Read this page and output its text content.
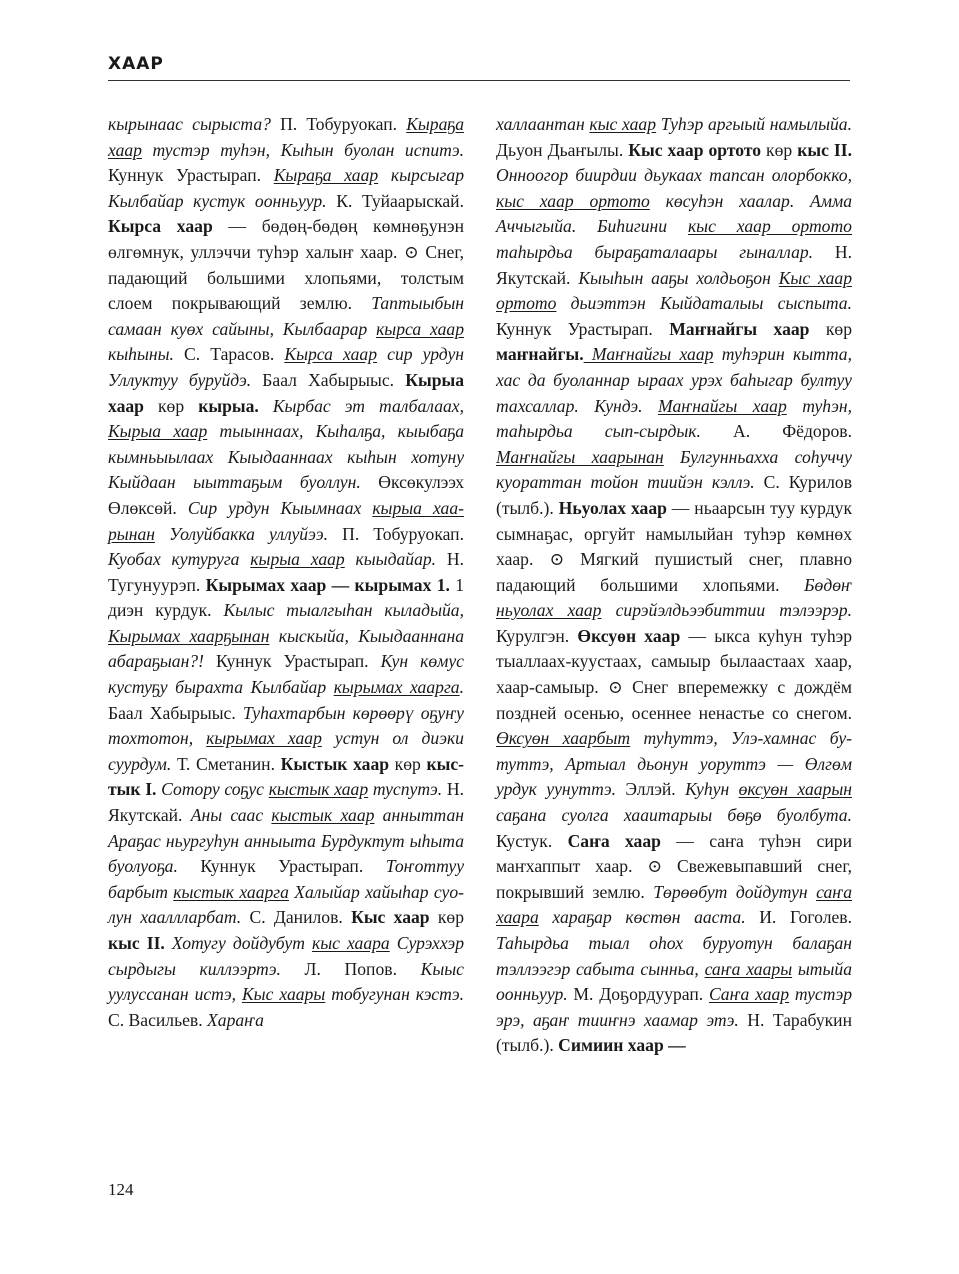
ХААР
кырынаас сырыста? П. Тобуруокап. Кыраҕа хаар тустэр туһэн, Кыһын буолан испитэ. Куннук Урастырап. Кыраҕа хаар кырсыгар Кылбайар кустук оонньуур. К. Туйаарыскай. Кырса хаар — бөдөң-бөдөң көмнөҕунэн өлгөмнук, уллэччи туһэр халыҥ хаар. ⊙ Снег, падающий большими хлопьями, толстым слоем покрывающий землю. Таптыыбын самаан куөх сайыны, Кылбаарар кырса хаар кыһыны. С. Тарасов. Кырса хаар сир урдун Уллуктуу буруйдэ. Баал Хабырыыс. Кырыа хаар көр кырыа. Кырбас эт талбалаах, Кырыа хаар тыыннаах, Кыһалҕа, кыыбаҕа кымньыылаах Кыыдааннаах кыһын хотуну Кыйдаан ыыттаҕым буоллун. Өксөкулээх Өлөксөй. Сир урдун Кыымнаах кырыа хаарынан Уолуйбакка уллуйээ. П. Тобуруокап. Куобах кутуруга кырыа хаар кыыдайар. Н. Тугунуурэп. Кырымах хаар — кырымах 1. 1 диэн курдук. Кылыс тыалгыһан кыладыйа, Кырымах хаарҕынан кыскыйа, Кыыдааннана абараҕыан?! Куннук Урастырап. Кун көмус кустуҕу бырахта Кылбайар кырымах хаарга. Баал Хабырыыс. Туһахтарбын көрөөрү оҕуҥу тохтотон, кырымах хаар устун ол диэки суурдум. Т. Сметанин. Кыстык хаар көр кыстык I. Сотору соҕус кыстык хаар туспутэ. Н. Якутскай. Аны саас кыстык хаар анныттан Араҕас ньургуһун анныыта Бурдуктут ыһыта буолуоҕа. Куннук Урастырап. Тоҥоттуу барбыт кыстык хаарга Халыйар хайыһар суолун хааллларбат. С. Данилов. Кыс хаар көр кыс II. Хотугу дойдубут кыс хаара Сурэххэр сырдыгы киллээртэ. Л. Попов. Кыыс уулуссанан истэ, Кыс хаары тобугунан кэстэ. С. Васильев. Хараҥа
халлаантан кыс хаар Туһэр аргыый намылыйа. Дьуон Дьаҥылы. Кыс хаар ортото көр кыс II. Онноогор биирдии дьукаах тапсан олорбокко, кыс хаар ортото көсуһэн хаалар. Амма Аччыгыйа. Биһигини кыс хаар ортото таһырдьа быраҕаталаары гыналлар. Н. Якутскай. Кыыһын ааҕы холдьоҕон Кыс хаар ортото дьиэттэн Кыйдаталыы сыспыта. Куннук Урастырап. Маҥнайгы хаар көр маҥнайгы. Маҥнайгы хаар туһэрин кытта, хас да буоланнар ыраах урэх баһыгар бултуу тахсаллар. Кундэ. Маҥнайгы хаар туһэн, таһырдьа сып-сырдык. А. Фёдоров. Маҥнайгы хаарынан Булгунньахха соһуччу куораттан тойон тиийэн кэллэ. С. Курилов (тылб.). Ньуолах хаар — ньаарсын туу курдук сымнаҕас, оргуйт намылыйан туһэр көмнөх хаар. ⊙ Мягкий пушистый снег, плавно падающий большими хлопьями. Бөдөҥ ньуолах хаар сирэйэлдьээбиттии тэлээрэр. Курулгэн. Өксуөн хаар — ыкса куһун туһэр тыаллаах-куустаах, самыыр былаастаах хаар, хаар-самыыр. ⊙ Снег вперемежку с дождём поздней осенью, осеннее ненастье со снегом. Өксуөн хаарбыт туһуттэ, Улэ-хамнас бутуттэ, Артыал дьонун уоруттэ — Өлгөм урдук уунуттэ. Эллэй. Куһун өксуөн хаарын саҕана суолга хааитарыы бөҕө буолбута. Кустук. Саҥа хаар — саҥа туһэн сири маҥхаппыт хаар. ⊙ Свежевыпавший снег, покрывший землю. Төрөөбут дойдутун саҥа хаара хараҕар көстөн ааста. И. Гоголев. Таһырдьа тыал оһох буруотун балаҕан тэллээгэр сабыта сынньа, саҥа хаары ытыйа оонньуур. М. Доҕордуурап. Саҥа хаар тустэр эрэ, аҕаҥ тииҥнэ хаамар этэ. Н. Тарабукин (тылб.). Симиин хаар —
124
